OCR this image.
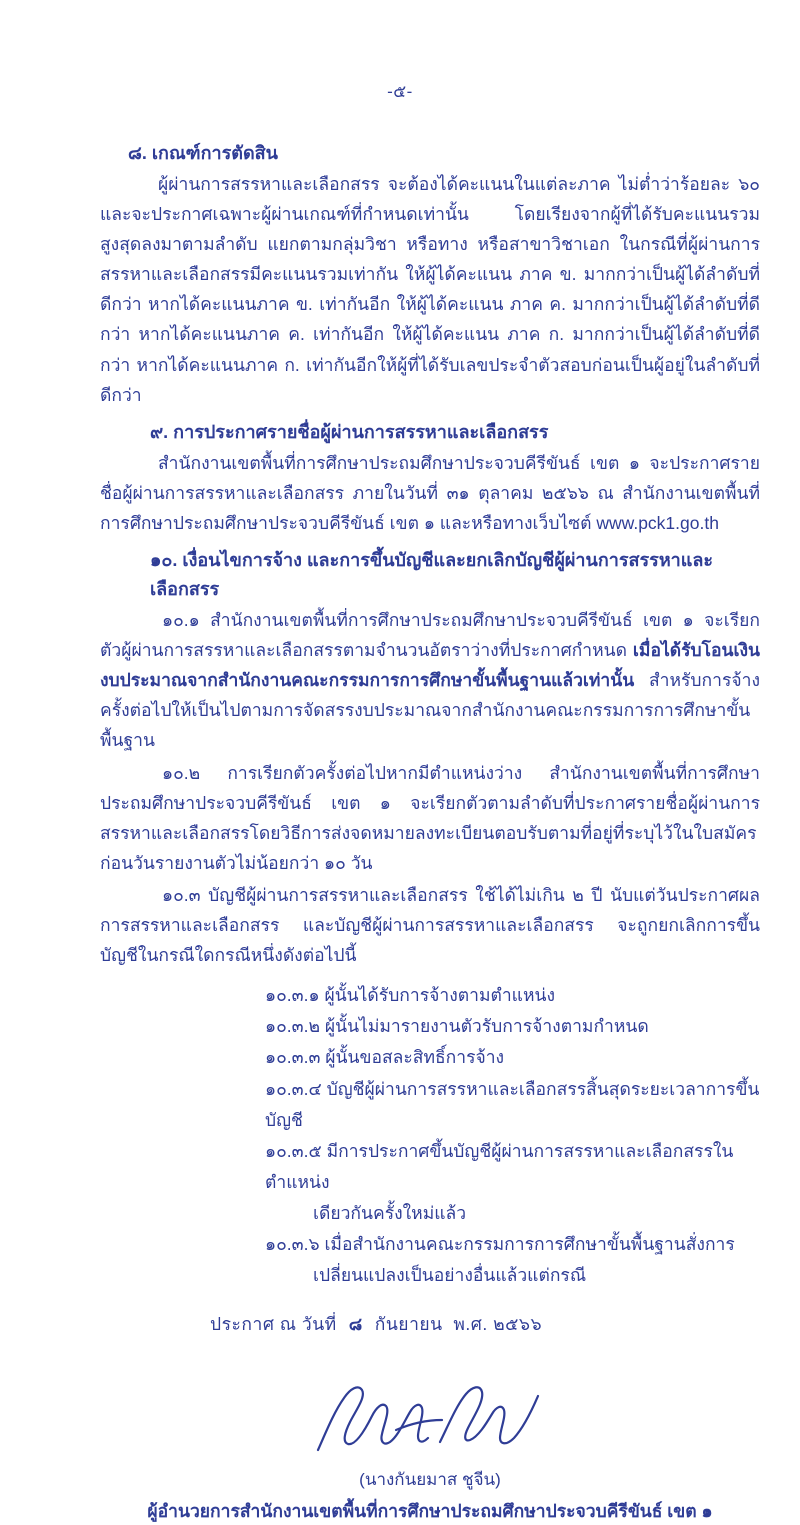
-๕-
๘. เกณฑ์การตัดสิน

ผู้ผ่านการสรรหาและเลือกสรร จะต้องได้คะแนนในแต่ละภาค ไม่ต่ำว่าร้อยละ ๖๐ และจะประกาศเฉพาะผู้ผ่านเกณฑ์ที่กำหนดเท่านั้น โดยเรียงจากผู้ที่ได้รับคะแนนรวมสูงสุดลงมาตามลำดับ แยกตามกลุ่มวิชา หรือทาง หรือสาขาวิชาเอก ในกรณีที่ผู้ผ่านการสรรหาและเลือกสรรมีคะแนนรวมเท่ากัน ให้ผู้ได้คะแนน ภาค ข. มากกว่าเป็นผู้ได้ลำดับที่ดีกว่า หากได้คะแนนภาค ข. เท่ากันอีก ให้ผู้ได้คะแนน ภาค ค. มากกว่าเป็นผู้ได้ลำดับที่ดีกว่า หากได้คะแนนภาค ค. เท่ากันอีก ให้ผู้ได้คะแนน ภาค ก. มากกว่าเป็นผู้ได้ลำดับที่ดีกว่า หากได้คะแนนภาค ก. เท่ากันอีกให้ผู้ที่ได้รับเลขประจำตัวสอบก่อนเป็นผู้อยู่ในลำดับที่ดีกว่า

๙. การประกาศรายชื่อผู้ผ่านการสรรหาและเลือกสรร

สำนักงานเขตพื้นที่การศึกษาประถมศึกษาประจวบคีรีขันธ์ เขต ๑ จะประกาศรายชื่อผู้ผ่านการสรรหาและเลือกสรร ภายในวันที่ ๓๑ ตุลาคม ๒๕๖๖ ณ สำนักงานเขตพื้นที่การศึกษาประถมศึกษาประจวบคีรีขันธ์ เขต ๑ และหรือทางเว็บไซต์ www.pck1.go.th

๑๐. เงื่อนไขการจ้าง และการขึ้นบัญชีและยกเลิกบัญชีผู้ผ่านการสรรหาและเลือกสรร

๑๐.๑ สำนักงานเขตพื้นที่การศึกษาประถมศึกษาประจวบคีรีขันธ์ เขต ๑ จะเรียกตัวผู้ผ่านการสรรหาและเลือกสรรตามจำนวนอัตราว่างที่ประกาศกำหนด เมื่อได้รับโอนเงินงบประมาณจากสำนักงานคณะกรรมการการศึกษาขั้นพื้นฐานแล้วเท่านั้น สำหรับการจ้างครั้งต่อไปให้เป็นไปตามการจัดสรรงบประมาณจากสำนักงานคณะกรรมการการศึกษาขั้นพื้นฐาน

๑๐.๒ การเรียกตัวครั้งต่อไปหากมีตำแหน่งว่าง สำนักงานเขตพื้นที่การศึกษาประถมศึกษาประจวบคีรีขันธ์ เขต ๑ จะเรียกตัวตามลำดับที่ประกาศรายชื่อผู้ผ่านการสรรหาและเลือกสรรโดยวิธีการส่งจดหมายลงทะเบียนตอบรับตามที่อยู่ที่ระบุไว้ในใบสมัคร ก่อนวันรายงานตัวไม่น้อยกว่า ๑๐ วัน

๑๐.๓ บัญชีผู้ผ่านการสรรหาและเลือกสรร ใช้ได้ไม่เกิน ๒ ปี นับแต่วันประกาศผลการสรรหาและเลือกสรร และบัญชีผู้ผ่านการสรรหาและเลือกสรร จะถูกยกเลิกการขึ้นบัญชีในกรณีใดกรณีหนึ่งดังต่อไปนี้

๑๐.๓.๑ ผู้นั้นได้รับการจ้างตามตำแหน่ง
๑๐.๓.๒ ผู้นั้นไม่มารายงานตัวรับการจ้างตามกำหนด
๑๐.๓.๓ ผู้นั้นขอสละสิทธิ์การจ้าง
๑๐.๓.๔ บัญชีผู้ผ่านการสรรหาและเลือกสรรสิ้นสุดระยะเวลาการขึ้นบัญชี
๑๐.๓.๕ มีการประกาศขึ้นบัญชีผู้ผ่านการสรรหาและเลือกสรรในตำแหน่ง
เดียวกันครั้งใหม่แล้ว
๑๐.๓.๖ เมื่อสำนักงานคณะกรรมการการศึกษาขั้นพื้นฐานสั่งการ
เปลี่ยนแปลงเป็นอย่างอื่นแล้วแต่กรณี
ประกาศ ณ วันที่ ๘ กันยายน พ.ศ. ๒๕๖๖
(นางกันยมาส ชูจีน)
ผู้อำนวยการสำนักงานเขตพื้นที่การศึกษาประถมศึกษาประจวบคีรีขันธ์ เขต ๑
